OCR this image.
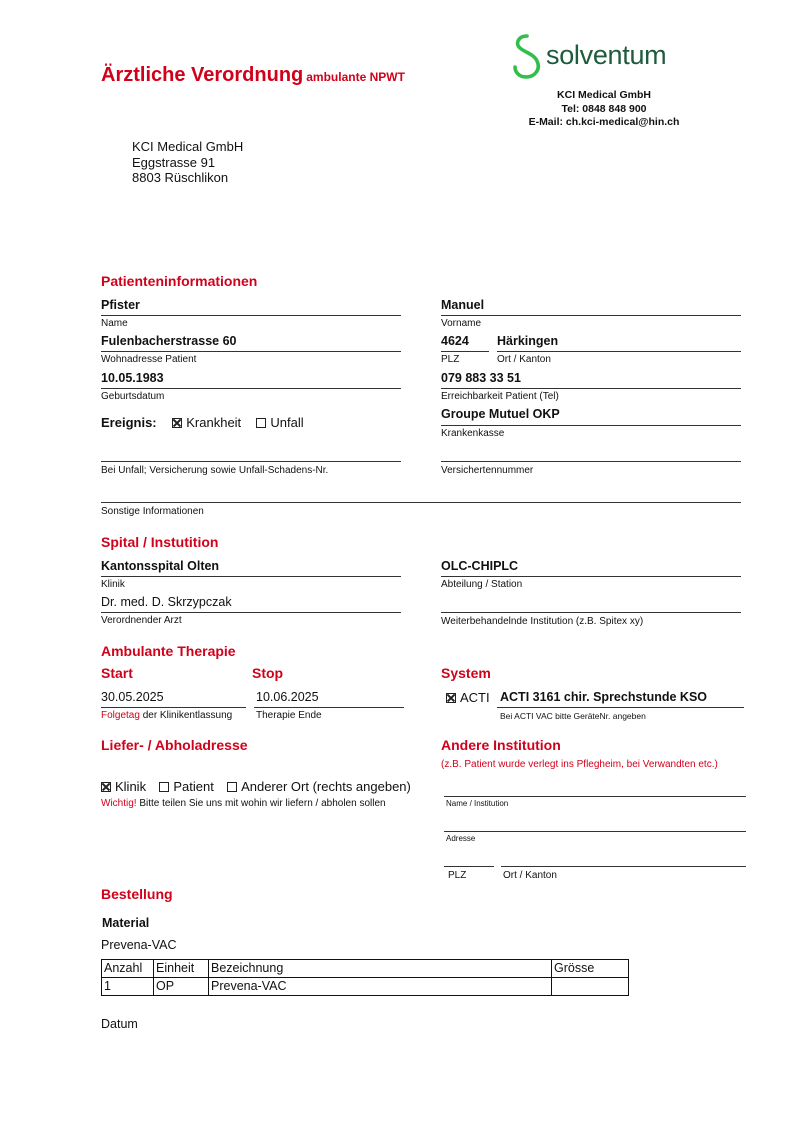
Ärztliche Verordnung ambulante NPWT
solventum
KCI Medical GmbH
Tel: 0848 848 900
E-Mail: ch.kci-medical@hin.ch
KCI Medical GmbH
Eggstrasse 91
8803 Rüschlikon
Patienteninformationen
Pfister
Name
Manuel
Vorname
Fulenbacherstrasse 60
Wohnadresse Patient
4624
PLZ
Härkingen
Ort / Kanton
10.05.1983
Geburtsdatum
079 883 33 51
Erreichbarkeit Patient (Tel)
Ereignis: Krankheit Unfall
Groupe Mutuel OKP
Krankenkasse
Bei Unfall; Versicherung sowie Unfall-Schadens-Nr.	Versichertennummer
Sonstige Informationen
Spital / Instutition
Kantonsspital Olten
Klinik
OLC-CHIPLC
Abteilung / Station
Dr. med. D. Skrzypczak
Verordnender Arzt	Weiterbehandelnde Institution (z.B. Spitex xy)
Ambulante Therapie
Start	Stop	System
30.05.2025
Folgetag der Klinikentlassung
10.06.2025
Therapie Ende
ACTI ACTI 3161 chir. Sprechstunde KSO
Bei ACTI VAC bitte GeräteNr. angeben
Liefer- / Abholadresse
Klinik Patient Anderer Ort (rechts angeben)
Wichtig! Bitte teilen Sie uns mit wohin wir liefern / abholen sollen
Andere Institution
(z.B. Patient wurde verlegt ins Pflegheim, bei Verwandten etc.)
Name / Institution
Adresse
PLZ	Ort / Kanton
Bestellung
Material
Prevena-VAC
Anzahl	Einheit	Bezeichnung	Grösse
1	OP	Prevena-VAC	
Datum
